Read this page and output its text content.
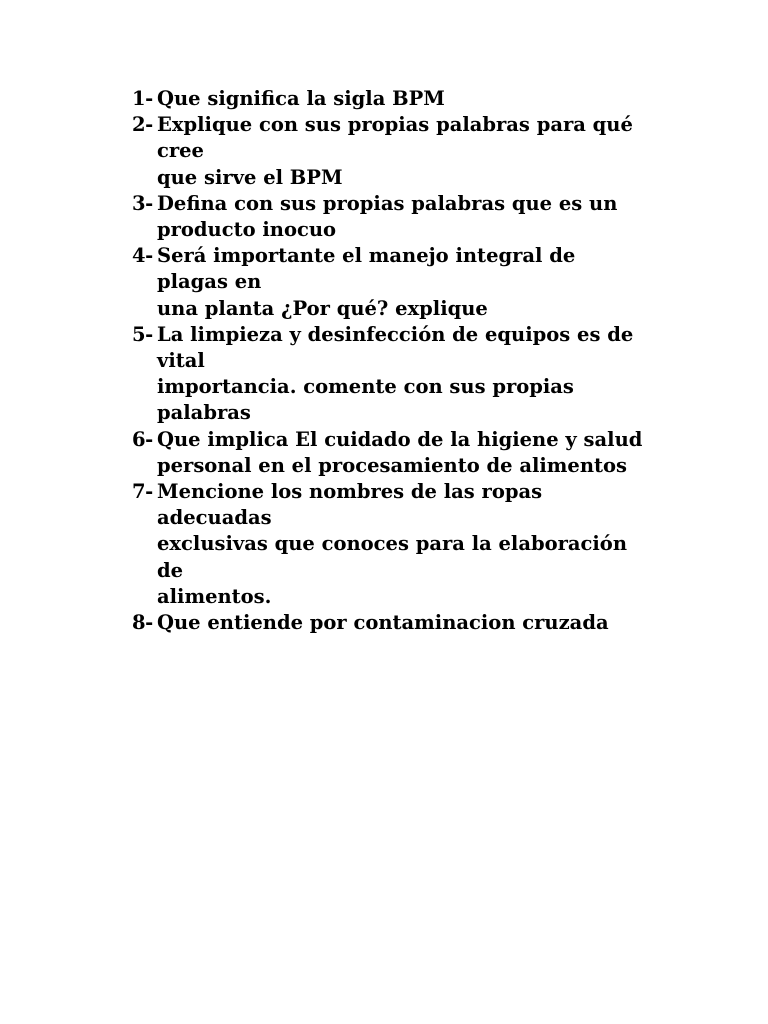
1- Que significa la sigla BPM
2- Explique con sus propias palabras para qué cree
que sirve el BPM
3- Defina con sus propias palabras que es un
producto inocuo
4- Será importante el manejo integral de plagas en
una planta ¿Por qué? explique
5- La limpieza y desinfección de equipos es de vital
importancia. comente con sus propias palabras
6- Que implica El cuidado de la higiene y salud
personal en el procesamiento de alimentos
7- Mencione los nombres de las ropas adecuadas
exclusivas que conoces para la elaboración de
alimentos.
8- Que entiende por contaminacion cruzada
